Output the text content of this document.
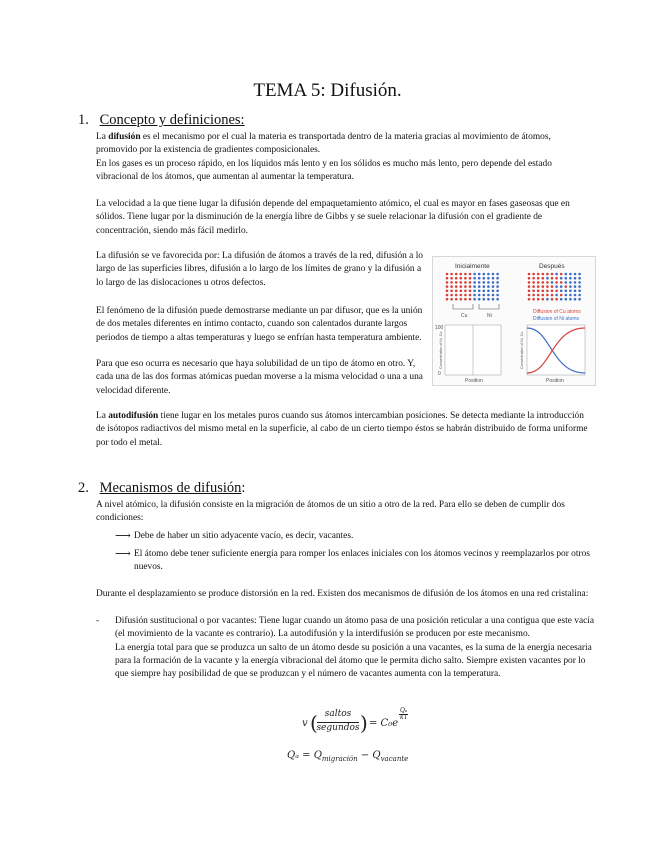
TEMA 5: Difusión.
1. Concepto y definiciones:
La difusión es el mecanismo por el cual la materia es transportada dentro de la materia gracias al movimiento de átomos, promovido por la existencia de gradientes composicionales.
En los gases es un proceso rápido, en los líquidos más lento y en los sólidos es mucho más lento, pero depende del estado vibracional de los átomos, que aumentan al aumentar la temperatura.
La velocidad a la que tiene lugar la difusión depende del empaquetamiento atómico, el cual es mayor en fases gaseosas que en sólidos. Tiene lugar por la disminución de la energía libre de Gibbs y se suele relacionar la difusión con el gradiente de concentración, siendo más fácil medirlo.
La difusión se ve favorecida por: La difusión de átomos a través de la red, difusión a lo largo de las superficies libres, difusión a lo largo de los límites de grano y la difusión a lo largo de las dislocaciones u otros defectos.
El fenómeno de la difusión puede demostrarse mediante un par difusor, que es la unión de dos metales diferentes en íntimo contacto, cuando son calentados durante largos periodos de tiempo a altas temperaturas y luego se enfrían hasta temperatura ambiente.
Para que eso ocurra es necesario que haya solubilidad de un tipo de átomo en otro. Y, cada una de las dos formas atómicas puedan moverse a la misma velocidad o una a una velocidad diferente.
Inicialmente	Después
Cu	Ni
Diffusion of Cu atoms
Diffusion of Ni atoms
100
0
Position	Position
Concentration of Ni, Cu
Concentration of Ni, Cu
La autodifusión tiene lugar en los metales puros cuando sus átomos intercambian posiciones. Se detecta mediante la introducción de isótopos radiactivos del mismo metal en la superficie, al cabo de un cierto tiempo éstos se habrán distribuido de forma uniforme por todo el metal.
2. Mecanismos de difusión:
A nivel atómico, la difusión consiste en la migración de átomos de un sitio a otro de la red. Para ello se deben de cumplir dos condiciones:
⟶ Debe de haber un sitio adyacente vacío, es decir, vacantes.
⟶ El átomo debe tener suficiente energía para romper los enlaces iniciales con los átomos vecinos y reemplazarlos por otros nuevos.
Durante el desplazamiento se produce distorsión en la red. Existen dos mecanismos de difusión de los átomos en una red cristalina:
- Difusión sustitucional o por vacantes: Tiene lugar cuando un átomo pasa de una posición reticular a una contigua que este vacía (el movimiento de la vacante es contrario). La autodifusión y la interdifusión se producen por este mecanismo.
La energía total para que se produzca un salto de un átomo desde su posición a una vacantes, es la suma de la energía necesaria para la formación de la vacante y la energía vibracional del átomo que le permita dicho salto. Siempre existen vacantes por lo que siempre hay posibilidad de que se produzcan y el número de vacantes aumenta con la temperatura.
v ( saltos
segundos ) = C₀e
Qₐ
kT
$Q_a = Q_{migración} - Q_{vacante}$
